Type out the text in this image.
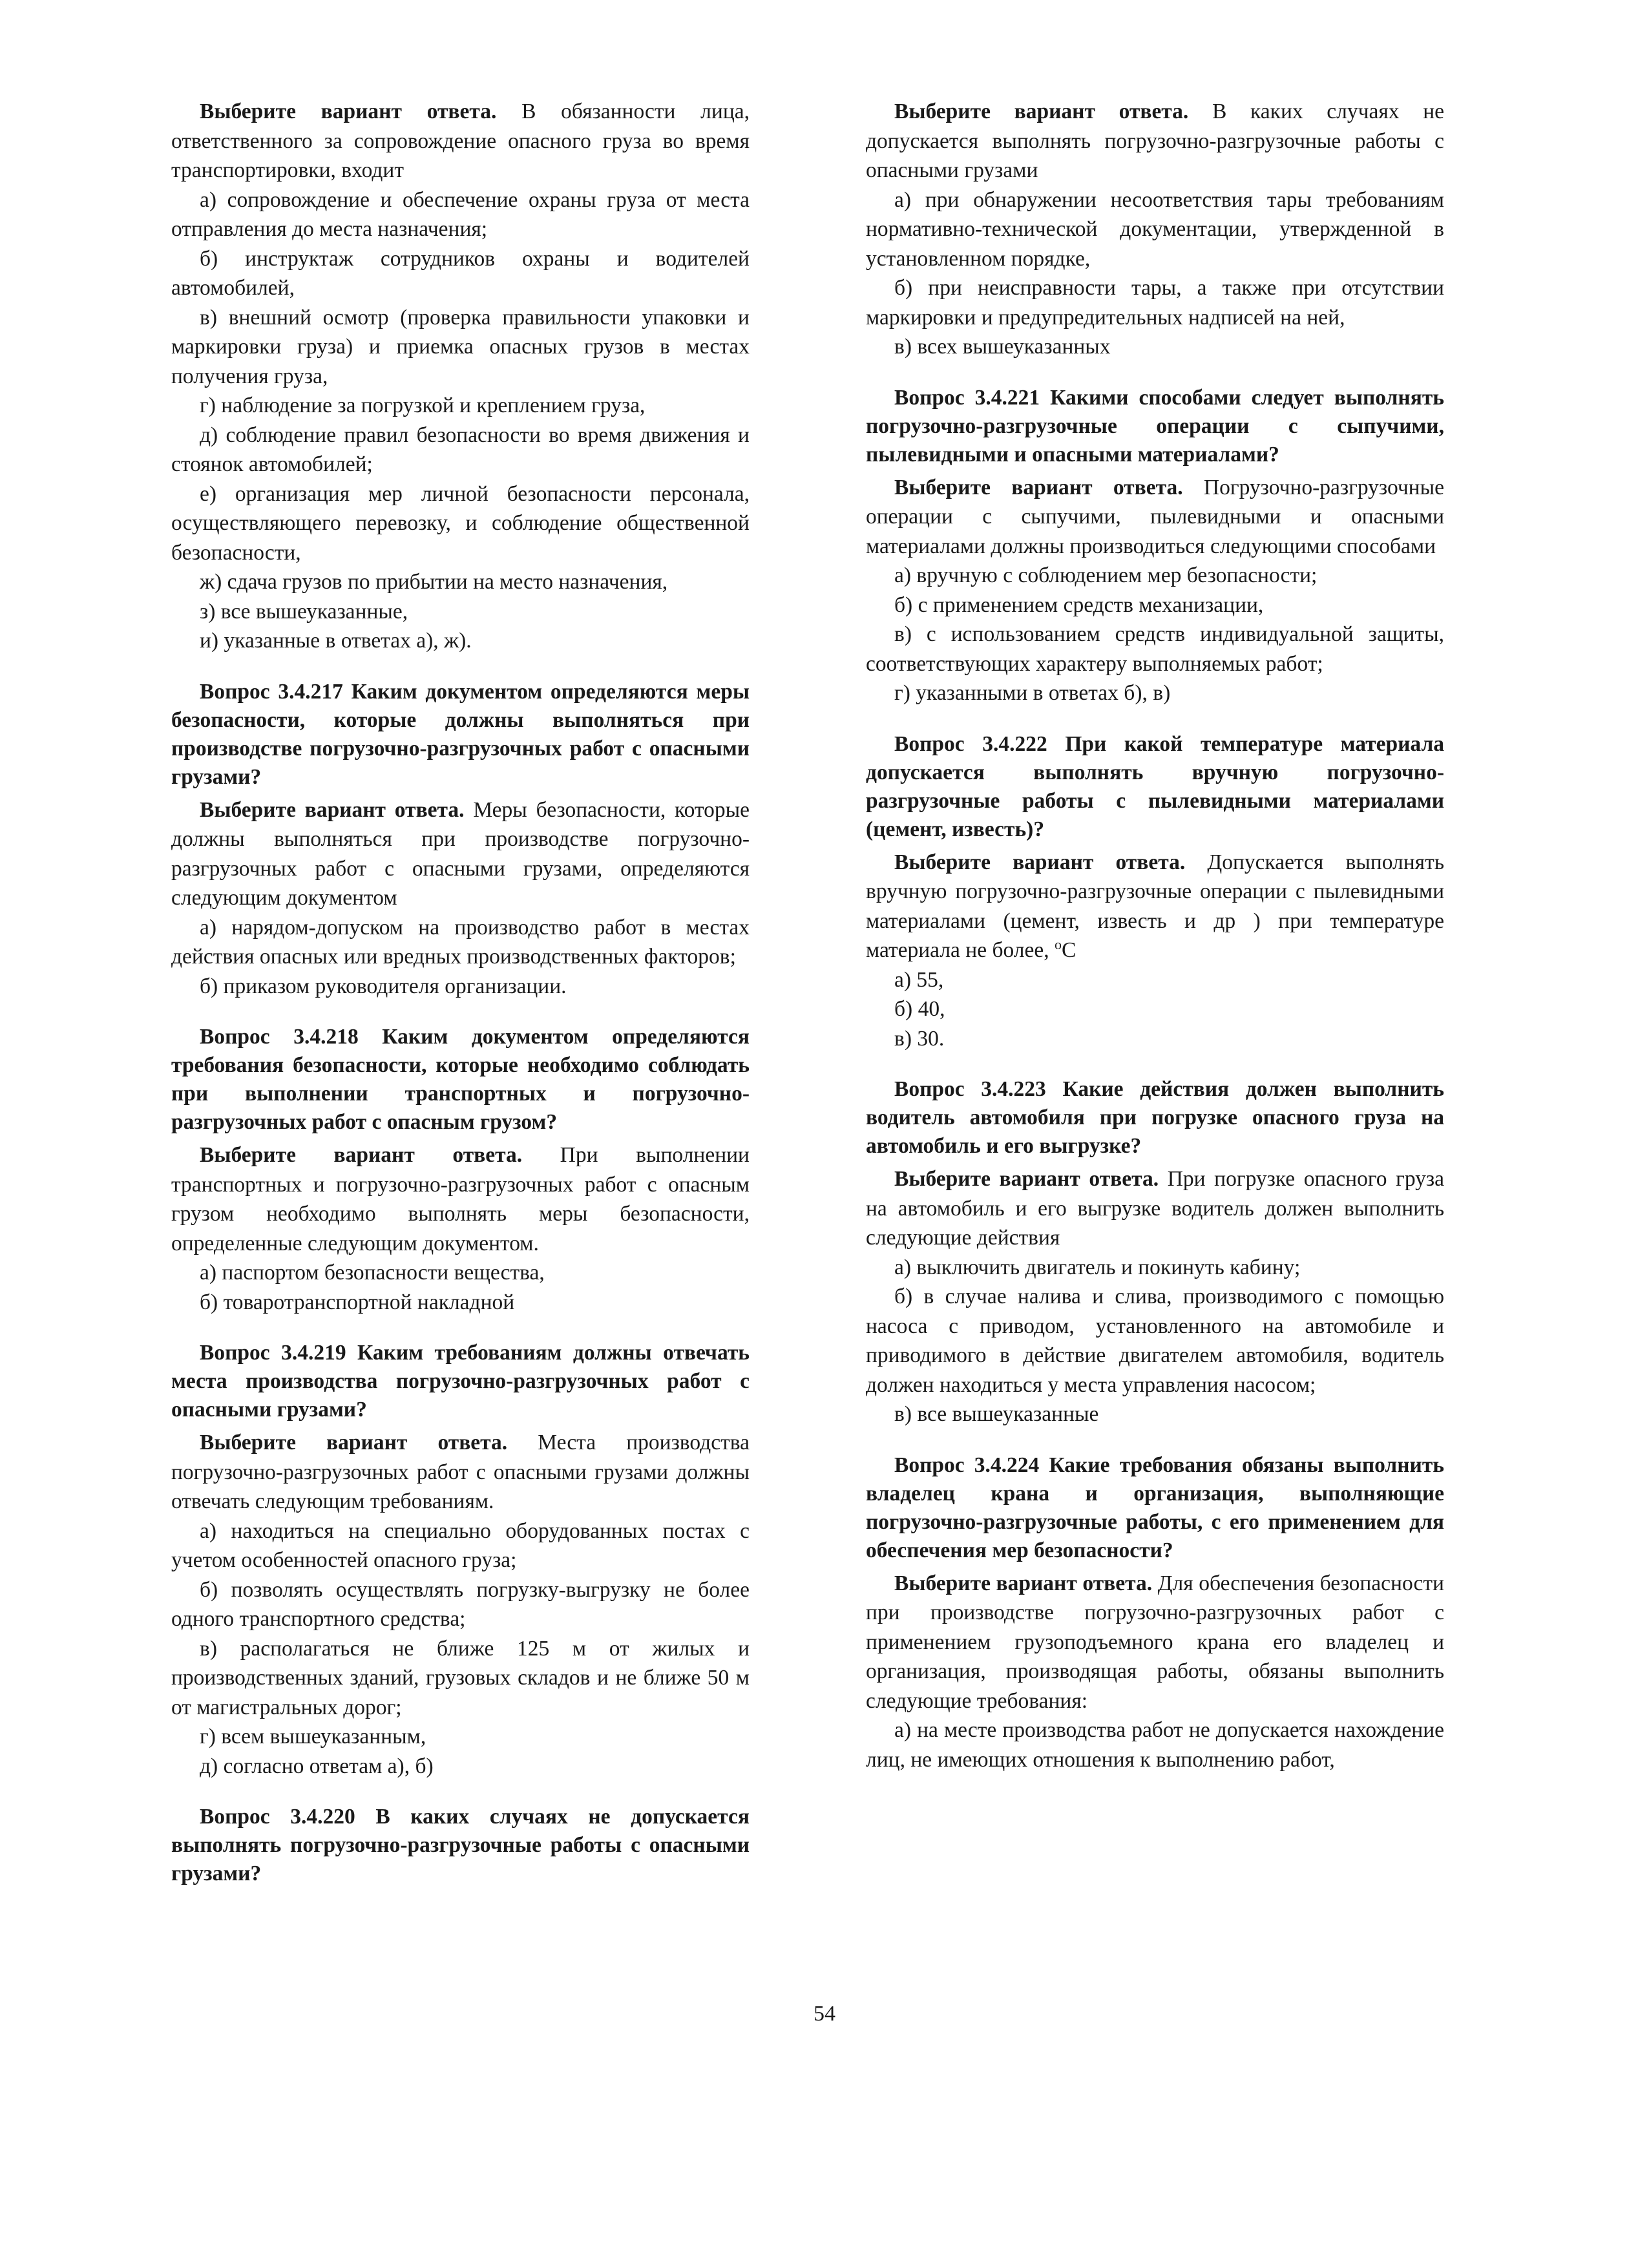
Выберите вариант ответа. В обязанности лица, ответственного за сопровождение опасного груза во время транспортировки, входит
а) сопровождение и обеспечение охраны груза от места отправления до места назначения;
б) инструктаж сотрудников охраны и водителей автомобилей,
в) внешний осмотр (проверка правильности упаковки и маркировки груза) и приемка опасных грузов в местах получения груза,
г) наблюдение за погрузкой и креплением груза,
д) соблюдение правил безопасности во время движения и стоянок автомобилей;
е) организация мер личной безопасности персонала, осуществляющего перевозку, и соблюдение общественной безопасности,
ж) сдача грузов по прибытии на место назначения,
з) все вышеуказанные,
и) указанные в ответах а), ж).
Вопрос 3.4.217 Каким документом определяются меры безопасности, которые должны выполняться при производстве погрузочно-разгрузочных работ с опасными грузами?
Выберите вариант ответа. Меры безопасности, которые должны выполняться при производстве погрузочно-разгрузочных работ с опасными грузами, определяются следующим документом
а) нарядом-допуском на производство работ в местах действия опасных или вредных производственных факторов;
б) приказом руководителя организации.
Вопрос 3.4.218 Каким документом определяются требования безопасности, которые необходимо соблюдать при выполнении транспортных и погрузочно-разгрузочных работ с опасным грузом?
Выберите вариант ответа. При выполнении транспортных и погрузочно-разгрузочных работ с опасным грузом необходимо выполнять меры безопасности, определенные следующим документом.
а) паспортом безопасности вещества,
б) товаротранспортной накладной
Вопрос 3.4.219 Каким требованиям должны отвечать места производства погрузочно-разгрузочных работ с опасными грузами?
Выберите вариант ответа. Места производства погрузочно-разгрузочных работ с опасными грузами должны отвечать следующим требованиям.
а) находиться на специально оборудованных постах с учетом особенностей опасного груза;
б) позволять осуществлять погрузку-выгрузку не более одного транспортного средства;
в) располагаться не ближе 125 м от жилых и производственных зданий, грузовых складов и не ближе 50 м от магистральных дорог;
г) всем вышеуказанным,
д) согласно ответам а), б)
Вопрос 3.4.220 В каких случаях не допускается выполнять погрузочно-разгрузочные работы с опасными грузами?
Выберите вариант ответа. В каких случаях не допускается выполнять погрузочно-разгрузочные работы с опасными грузами
а) при обнаружении несоответствия тары требованиям нормативно-технической документации, утвержденной в установленном порядке,
б) при неисправности тары, а также при отсутствии маркировки и предупредительных надписей на ней,
в) всех вышеуказанных
Вопрос 3.4.221 Какими способами следует выполнять погрузочно-разгрузочные операции с сыпучими, пылевидными и опасными материалами?
Выберите вариант ответа. Погрузочно-разгрузочные операции с сыпучими, пылевидными и опасными материалами должны производиться следующими способами
а) вручную с соблюдением мер безопасности;
б) с применением средств механизации,
в) с использованием средств индивидуальной защиты, соответствующих характеру выполняемых работ;
г) указанными в ответах б), в)
Вопрос 3.4.222 При какой температуре материала допускается выполнять вручную погрузочно-разгрузочные работы с пылевидными материалами (цемент, известь)?
Выберите вариант ответа. Допускается выполнять вручную погрузочно-разгрузочные операции с пылевидными материалами (цемент, известь и др ) при температуре материала не более, $^o$C
а) 55,
б) 40,
в) 30.
Вопрос 3.4.223 Какие действия должен выполнить водитель автомобиля при погрузке опасного груза на автомобиль и его выгрузке?
Выберите вариант ответа. При погрузке опасного груза на автомобиль и его выгрузке водитель должен выполнить следующие действия
а) выключить двигатель и покинуть кабину;
б) в случае налива и слива, производимого с помощью насоса с приводом, установленного на автомобиле и приводимого в действие двигателем автомобиля, водитель должен находиться у места управления насосом;
в) все вышеуказанные
Вопрос 3.4.224 Какие требования обязаны выполнить владелец крана и организация, выполняющие погрузочно-разгрузочные работы, с его применением для обеспечения мер безопасности?
Выберите вариант ответа. Для обеспечения безопасности при производстве погрузочно-разгрузочных работ с применением грузоподъемного крана его владелец и организация, производящая работы, обязаны выполнить следующие требования:
а) на месте производства работ не допускается нахождение лиц, не имеющих отношения к выполнению работ,
54
